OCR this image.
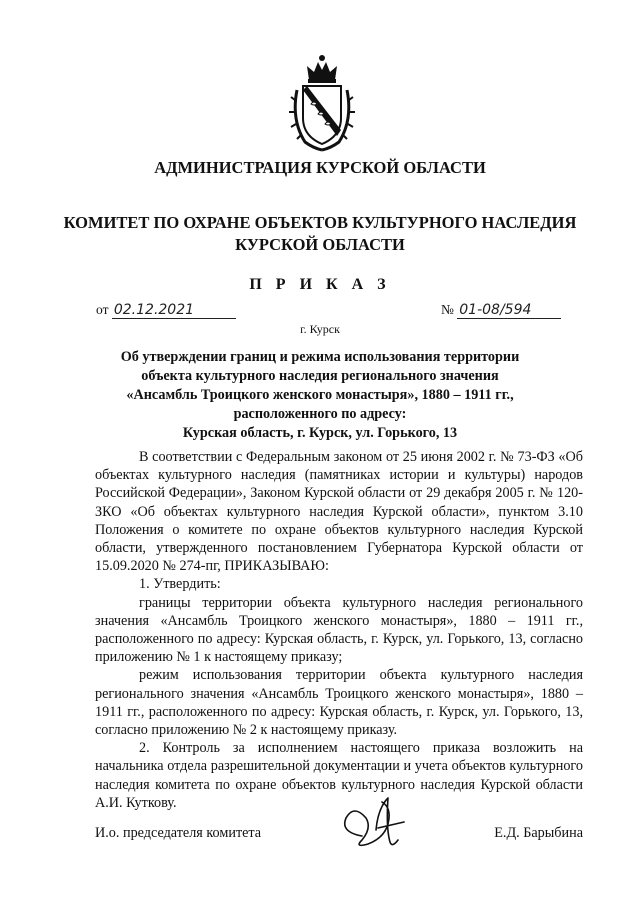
АДМИНИСТРАЦИЯ КУРСКОЙ ОБЛАСТИ
КОМИТЕТ ПО ОХРАНЕ ОБЪЕКТОВ КУЛЬТУРНОГО НАСЛЕДИЯ
КУРСКОЙ ОБЛАСТИ
П Р И К А З
от 02.12.2021	№ 01-08/594
г. Курск
Об утверждении границ и режима использования территории
объекта культурного наследия регионального значения
«Ансамбль Троицкого женского монастыря», 1880 – 1911 гг.,
расположенного по адресу:
Курская область, г. Курск, ул. Горького, 13

В соответствии с Федеральным законом от 25 июня 2002 г. № 73-ФЗ «Об объектах культурного наследия (памятниках истории и культуры) народов Российской Федерации», Законом Курской области от 29 декабря 2005 г. № 120-ЗКО «Об объектах культурного наследия Курской области», пунктом 3.10 Положения о комитете по охране объектов культурного наследия Курской области, утвержденного постановлением Губернатора Курской области от 15.09.2020 № 274-пг, ПРИКАЗЫВАЮ:

1. Утвердить:

границы территории объекта культурного наследия регионального значения «Ансамбль Троицкого женского монастыря», 1880 – 1911 гг., расположенного по адресу: Курская область, г. Курск, ул. Горького, 13, согласно приложению № 1 к настоящему приказу;

режим использования территории объекта культурного наследия регионального значения «Ансамбль Троицкого женского монастыря», 1880 – 1911 гг., расположенного по адресу: Курская область, г. Курск, ул. Горького, 13, согласно приложению № 2 к настоящему приказу.

2. Контроль за исполнением настоящего приказа возложить на начальника отдела разрешительной документации и учета объектов культурного наследия комитета по охране объектов культурного наследия Курской области А.И. Куткову.

И.о. председателя комитета	Е.Д. Барыбина
